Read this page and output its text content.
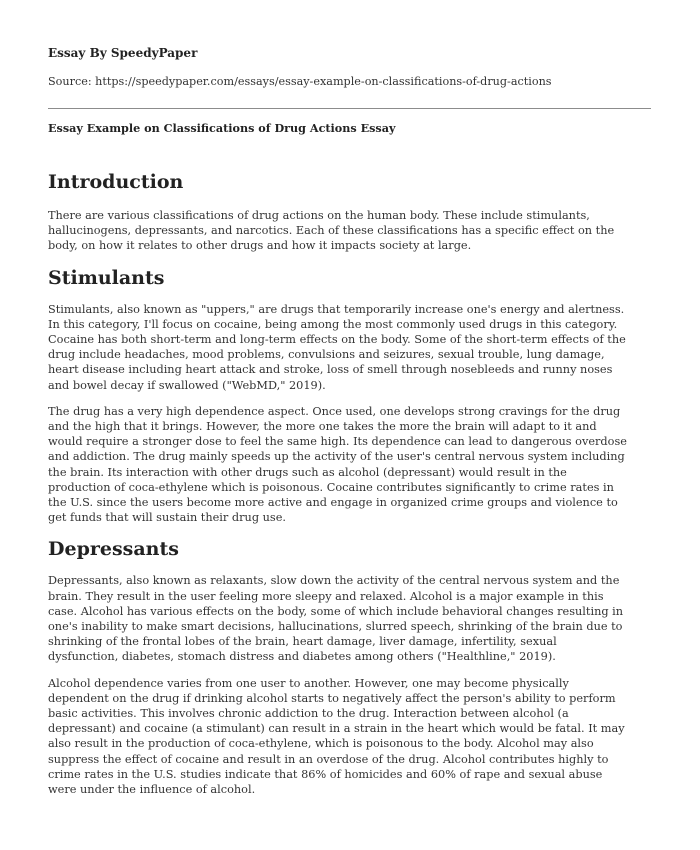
Essay By SpeedyPaper
Source: https://speedypaper.com/essays/essay-example-on-classifications-of-drug-actions
Essay Example on Classifications of Drug Actions Essay
Introduction

There are various classifications of drug actions on the human body. These include stimulants,
hallucinogens, depressants, and narcotics. Each of these classifications has a specific effect on the
body, on how it relates to other drugs and how it impacts society at large.

Stimulants

Stimulants, also known as "uppers," are drugs that temporarily increase one's energy and alertness.
In this category, I'll focus on cocaine, being among the most commonly used drugs in this category.
Cocaine has both short-term and long-term effects on the body. Some of the short-term effects of the
drug include headaches, mood problems, convulsions and seizures, sexual trouble, lung damage,
heart disease including heart attack and stroke, loss of smell through nosebleeds and runny noses
and bowel decay if swallowed ("WebMD," 2019).

The drug has a very high dependence aspect. Once used, one develops strong cravings for the drug
and the high that it brings. However, the more one takes the more the brain will adapt to it and
would require a stronger dose to feel the same high. Its dependence can lead to dangerous overdose
and addiction. The drug mainly speeds up the activity of the user's central nervous system including
the brain. Its interaction with other drugs such as alcohol (depressant) would result in the
production of coca-ethylene which is poisonous. Cocaine contributes significantly to crime rates in
the U.S. since the users become more active and engage in organized crime groups and violence to
get funds that will sustain their drug use.

Depressants

Depressants, also known as relaxants, slow down the activity of the central nervous system and the
brain. They result in the user feeling more sleepy and relaxed. Alcohol is a major example in this
case. Alcohol has various effects on the body, some of which include behavioral changes resulting in
one's inability to make smart decisions, hallucinations, slurred speech, shrinking of the brain due to
shrinking of the frontal lobes of the brain, heart damage, liver damage, infertility, sexual
dysfunction, diabetes, stomach distress and diabetes among others ("Healthline," 2019).

Alcohol dependence varies from one user to another. However, one may become physically
dependent on the drug if drinking alcohol starts to negatively affect the person's ability to perform
basic activities. This involves chronic addiction to the drug. Interaction between alcohol (a
depressant) and cocaine (a stimulant) can result in a strain in the heart which would be fatal. It may
also result in the production of coca-ethylene, which is poisonous to the body. Alcohol may also
suppress the effect of cocaine and result in an overdose of the drug. Alcohol contributes highly to
crime rates in the U.S. studies indicate that 86% of homicides and 60% of rape and sexual abuse
were under the influence of alcohol.
